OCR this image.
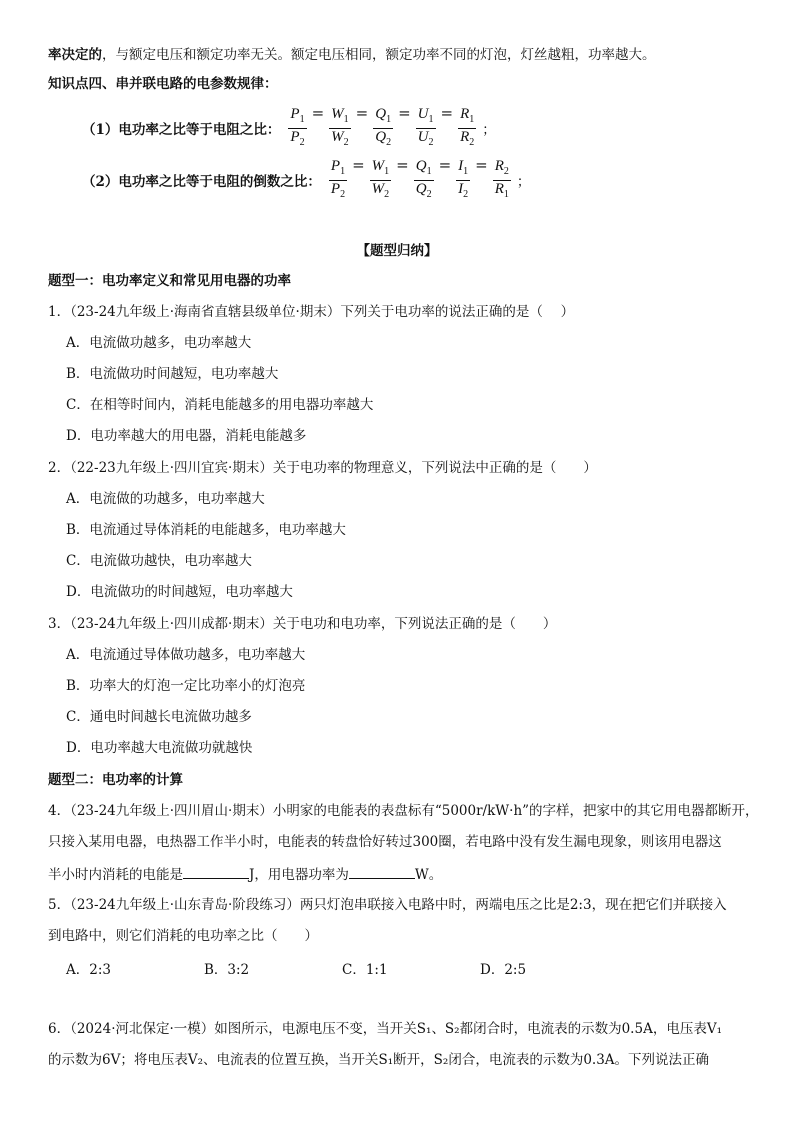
率决定的，与额定电压和额定功率无关。额定电压相同，额定功率不同的灯泡，灯丝越粗，功率越大。
知识点四、串并联电路的电参数规律：
（1）电功率之比等于电阻之比： $\frac{P_1}{P_2} = \frac{W_1}{W_2} = \frac{Q_1}{Q_2} = \frac{U_1}{U_2} = \frac{R_1}{R_2}$ ；
（2）电功率之比等于电阻的倒数之比： $\frac{P_1}{P_2} = \frac{W_1}{W_2} = \frac{Q_1}{Q_2} = \frac{I_1}{I_2} = \frac{R_2}{R_1}$ ；
【题型归纳】
题型一：电功率定义和常见用电器的功率
1．（23-24九年级上·海南省直辖县级单位·期末）下列关于电功率的说法正确的是（　 ）
A．电流做功越多，电功率越大
B．电流做功时间越短，电功率越大
C．在相等时间内，消耗电能越多的用电器功率越大
D．电功率越大的用电器，消耗电能越多
2．（22-23九年级上·四川宜宾·期末）关于电功率的物理意义，下列说法中正确的是（　　）
A．电流做的功越多，电功率越大
B．电流通过导体消耗的电能越多，电功率越大
C．电流做功越快，电功率越大
D．电流做功的时间越短，电功率越大
3．（23-24九年级上·四川成都·期末）关于电功和电功率，下列说法正确的是（　　）
A．电流通过导体做功越多，电功率越大
B．功率大的灯泡一定比功率小的灯泡亮
C．通电时间越长电流做功越多
D．电功率越大电流做功就越快
题型二：电功率的计算
4．（23-24九年级上·四川眉山·期末）小明家的电能表的表盘标有“5000r/kW·h”的字样，把家中的其它用电器都断开，
只接入某用电器，电热器工作半小时，电能表的转盘恰好转过300圈，若电路中没有发生漏电现象，则该用电器这
半小时内消耗的电能是	J，用电器功率为	W。
5．（23-24九年级上·山东青岛·阶段练习）两只灯泡串联接入电路中时，两端电压之比是2:3，现在把它们并联接入
到电路中，则它们消耗的电功率之比（　　）
A．2:3	B．3:2	C．1:1	D．2:5
6．（2024·河北保定·一模）如图所示，电源电压不变，当开关S₁、S₂都闭合时，电流表的示数为0.5A，电压表V₁
的示数为6V；将电压表V₂、电流表的位置互换，当开关S₁断开，S₂闭合，电流表的示数为0.3A。下列说法正确
